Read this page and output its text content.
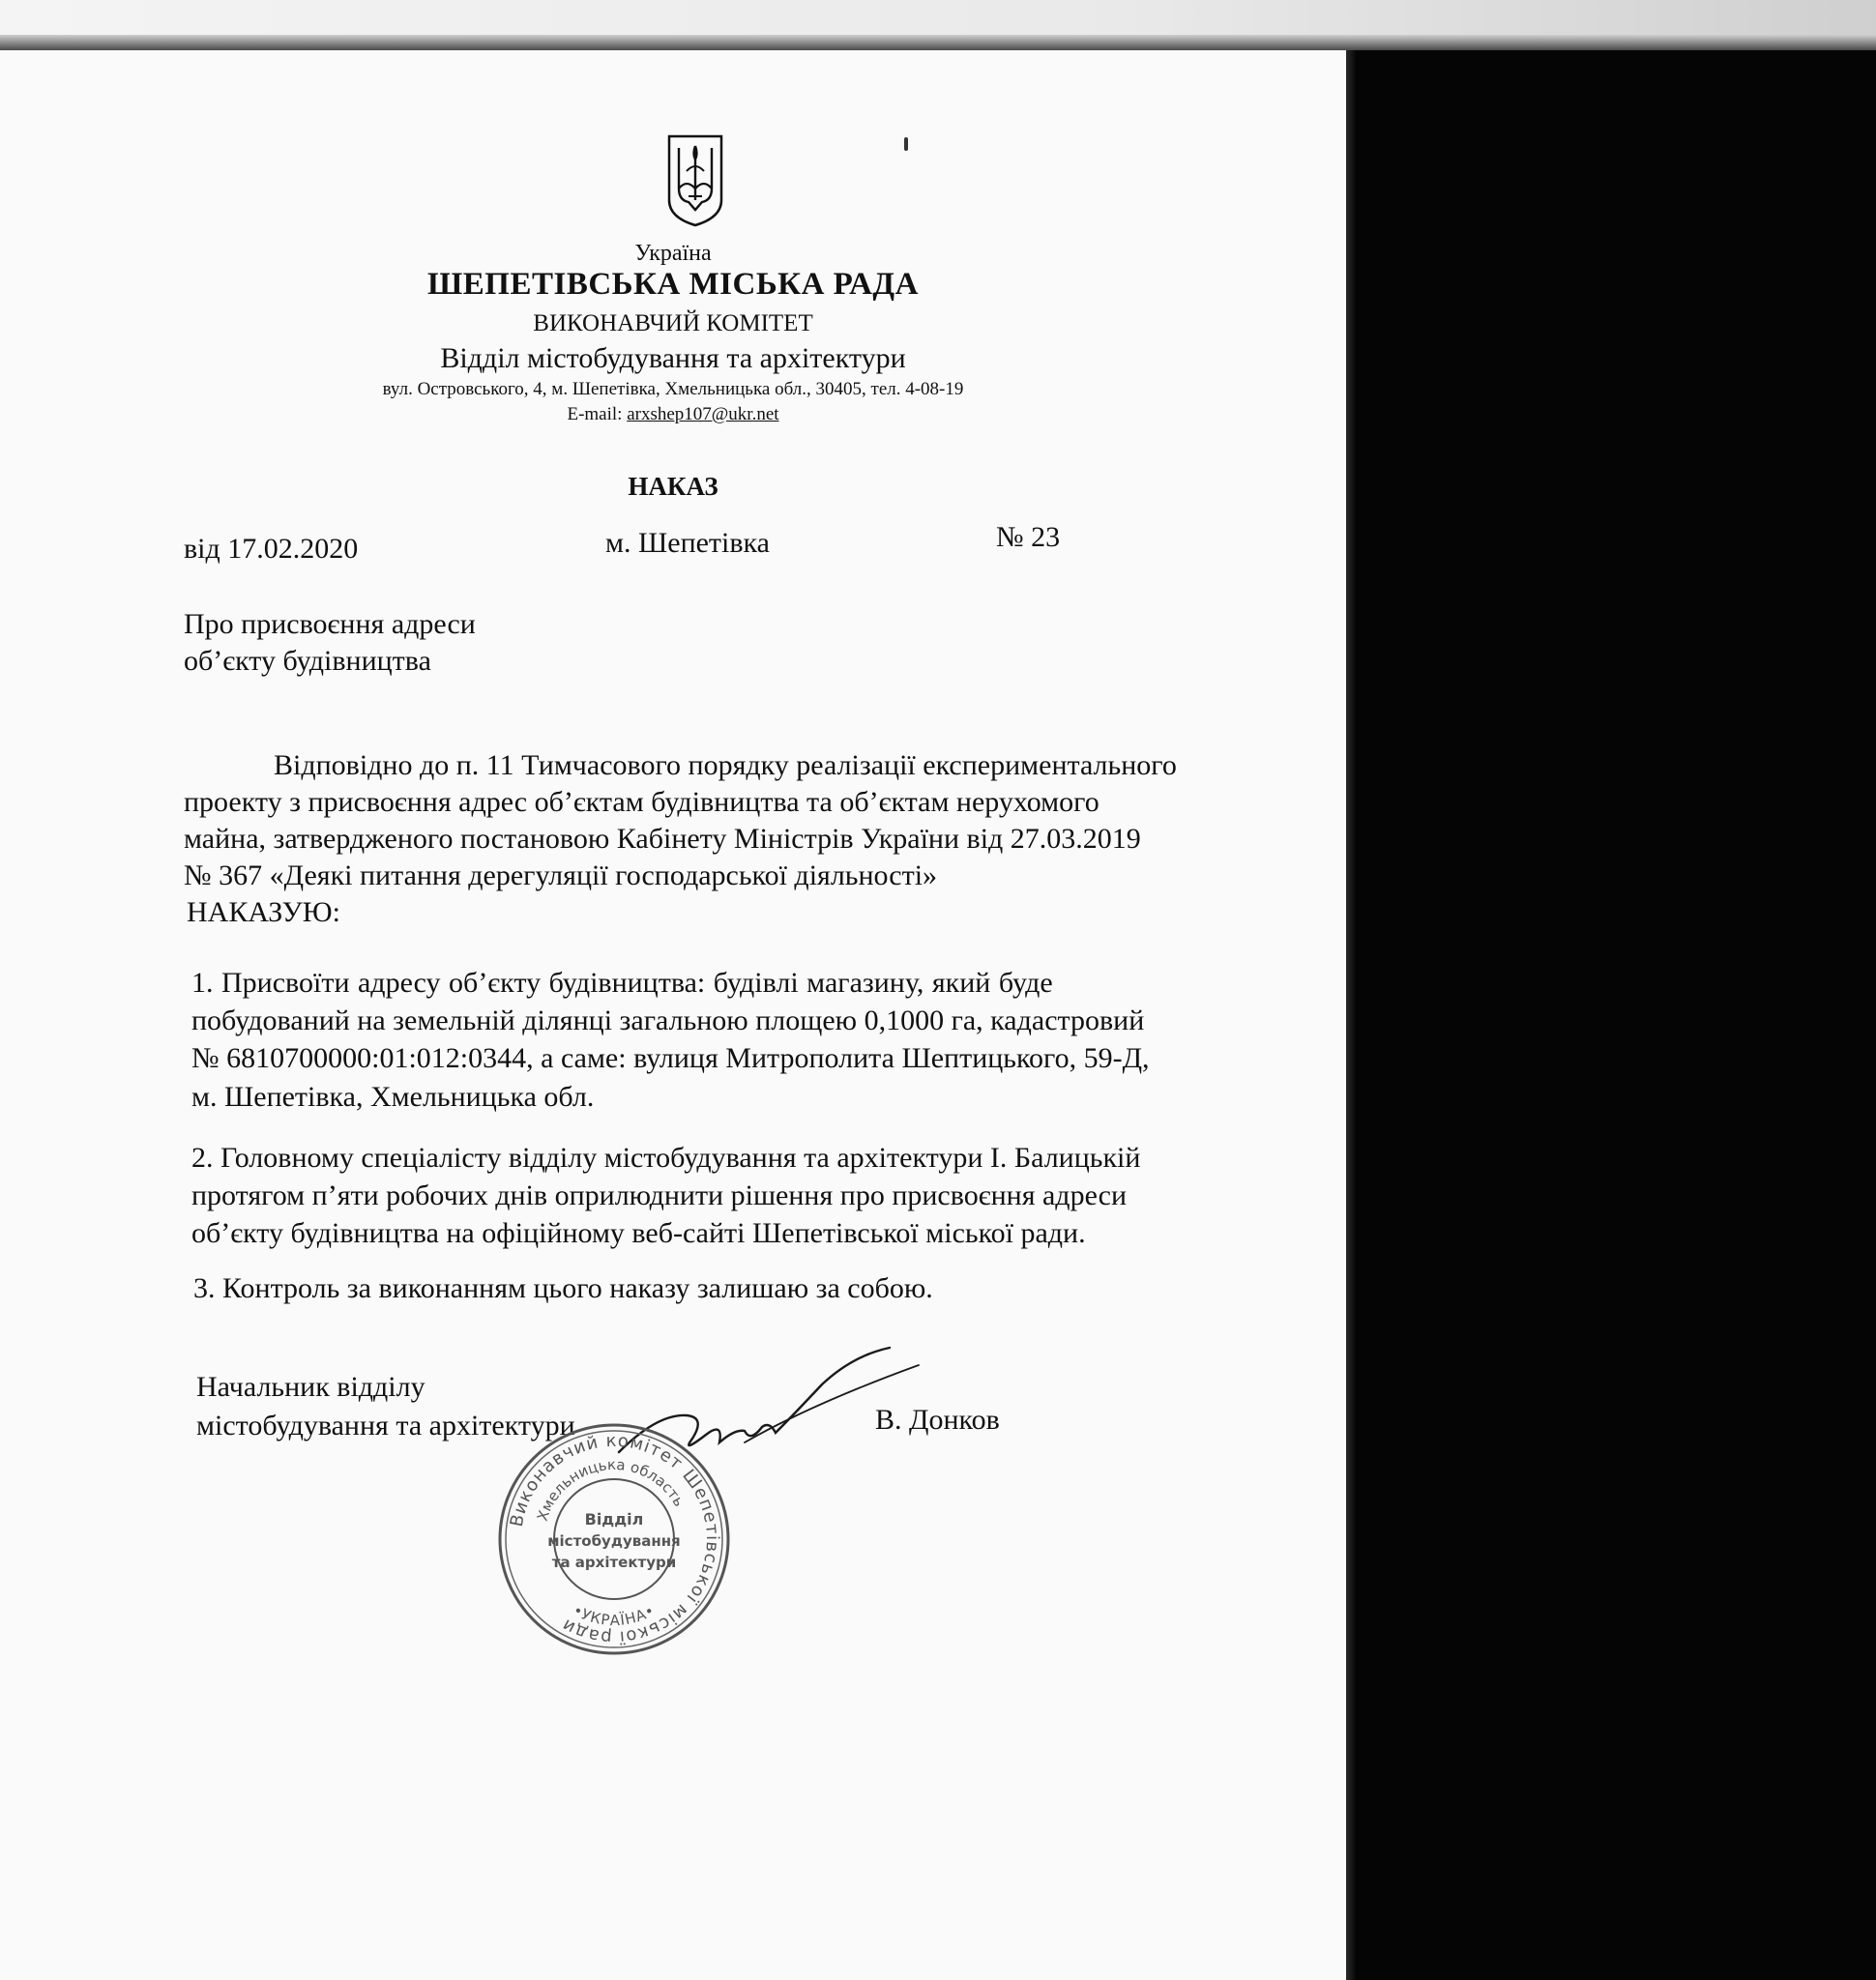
Україна
ШЕПЕТІВСЬКА МІСЬКА РАДА
ВИКОНАВЧИЙ КОМІТЕТ
Відділ містобудування та архітектури
вул. Островського, 4, м. Шепетівка, Хмельницька обл., 30405, тел. 4-08-19
E-mail: arxshep107@ukr.net
НАКАЗ
від 17.02.2020	м. Шепетівка	№ 23
Про присвоєння адреси
об’єкту будівництва
Відповідно до п. 11 Тимчасового порядку реалізації експериментального
проекту з присвоєння адрес об’єктам будівництва та об’єктам нерухомого
майна, затвердженого постановою Кабінету Міністрів України від 27.03.2019
№ 367 «Деякі питання дерегуляції господарської діяльності»
НАКАЗУЮ:
1. Присвоїти адресу об’єкту будівництва: будівлі магазину, який буде
побудований на земельній ділянці загальною площею 0,1000 га, кадастровий
№ 6810700000:01:012:0344, а саме: вулиця Митрополита Шептицького, 59-Д,
м. Шепетівка, Хмельницька обл.
2. Головному спеціалісту відділу містобудування та архітектури І. Балицькій
протягом п’яти робочих днів оприлюднити рішення про присвоєння адреси
об’єкту будівництва на офіційному веб-сайті Шепетівської міської ради.
3. Контроль за виконанням цього наказу залишаю за собою.
Начальник відділу
містобудування та архітектури	В. Донков
Виконавчий комітет Шепетівської міської ради
Хмельницька область
•УКРАЇНА•
Відділ
містобудування
та архітектури
